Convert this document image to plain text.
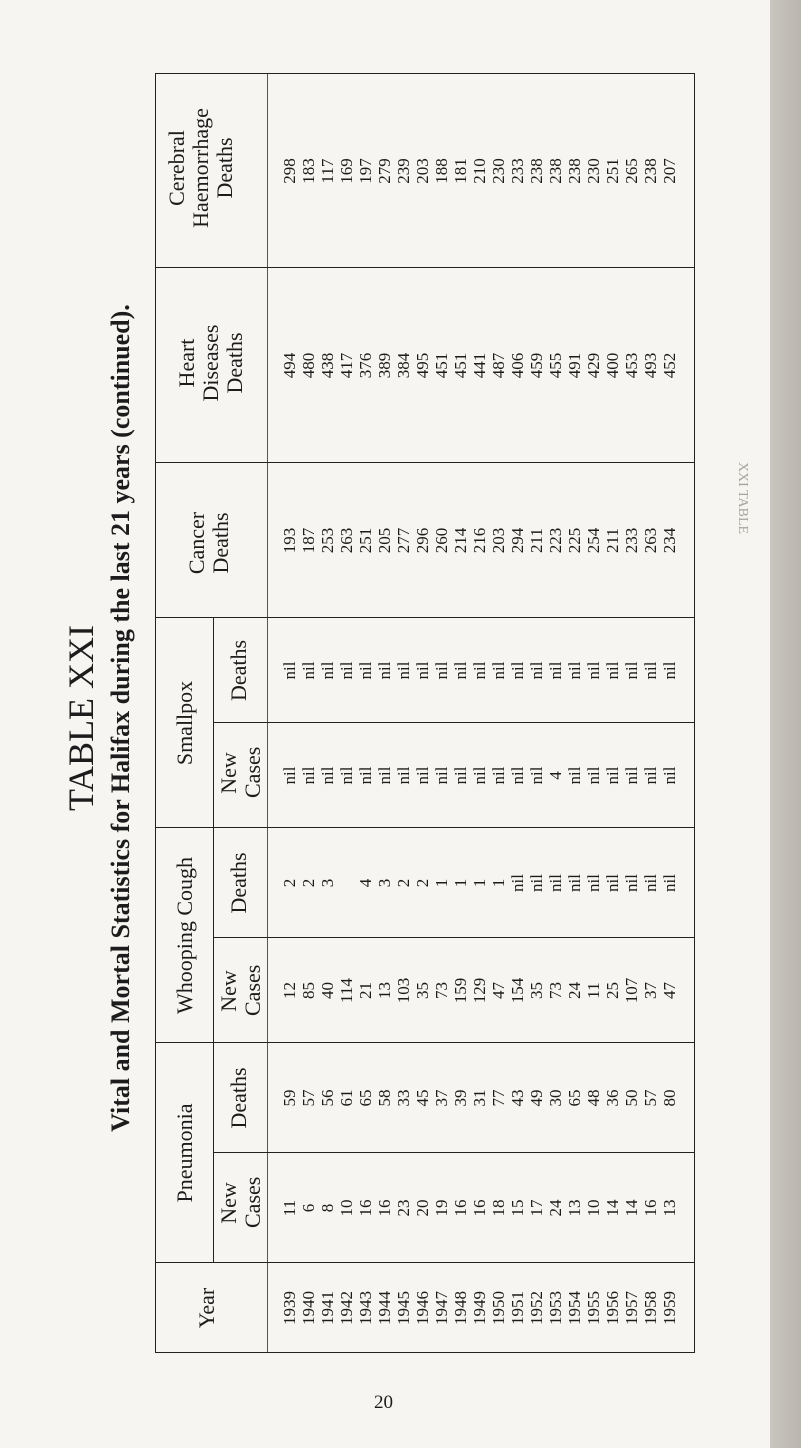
TABLE XXI Vital and Mortal Statistics for Halifax during the last 21 years (continued).
Year
Pneumonia
Whooping Cough
Smallpox
New Cases
Deaths
New Cases
Deaths
New Cases
Deaths
Cancer Deaths
Heart Diseases Deaths
Cerebral Haemorrhage Deaths
1939 1940 1941 1942 1943 1944 1945 1946 1947 1948 1949 1950 1951 1952 1953 1954 1955 1956 1957 1958 1959
11 6 8 10 16 16 23 20 19 16 16 18 15 17 24 13 10 14 14 16 13
59 57 56 61 65 58 33 45 37 39 31 77 43 49 30 65 48 36 50 57 80
12 85 40 114 21 13 103 35 73 159 129 47 154 35 73 24 11 25 107 37 47
2 2 3 4 3 2 2 1 1 1 1 nil nil nil nil nil nil nil nil nil
nil nil nil nil nil nil nil nil nil nil nil nil nil nil 4 nil nil nil nil nil nil
nil nil nil nil nil nil nil nil nil nil nil nil nil nil nil nil nil nil nil nil nil
193 187 253 263 251 205 277 296 260 214 216 203 294 211 223 225 254 211 233 263 234
494 480 438 417 376 389 384 495 451 451 441 487 406 459 455 491 429 400 453 493 452
298 183 117 169 197 279 239 203 188 181 210 230 233 238 238 238 230 251 265 238 207
20
XXI TABLE
